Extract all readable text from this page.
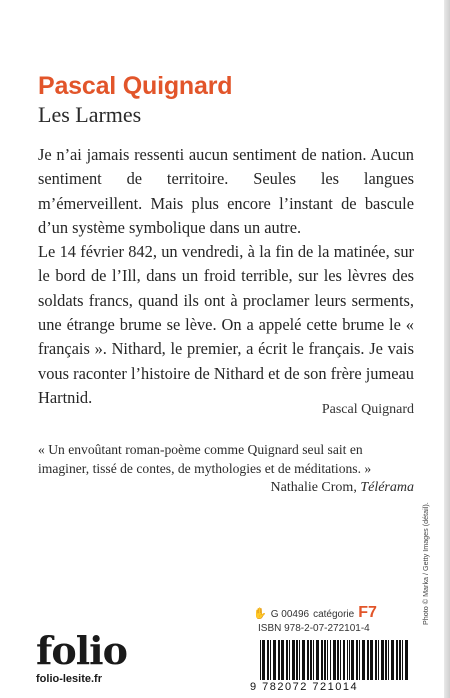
Pascal Quignard
Les Larmes

Je n’ai jamais ressenti aucun sentiment de nation. Aucun sentiment de territoire. Seules les langues m’émerveillent. Mais plus encore l’instant de bascule d’un système symbolique dans un autre.

Le 14 février 842, un vendredi, à la fin de la matinée, sur le bord de l’Ill, dans un froid terrible, sur les lèvres des soldats francs, quand ils ont à proclamer leurs serments, une étrange brume se lève. On a appelé cette brume le « français ». Nithard, le premier, a écrit le français. Je vais vous raconter l’histoire de Nithard et de son frère jumeau Hartnid.

Pascal Quignard
« Un envoûtant roman-poème comme Quignard seul sait en imaginer, tissé de contes, de mythologies et de méditations. »
Nathalie Crom, Télérama
Photo © Marka / Getty Images (détail).
folio
folio-lesite.fr
✋ G 00496 catégorie F7
ISBN 978-2-07-272101-4
9 782072 721014
